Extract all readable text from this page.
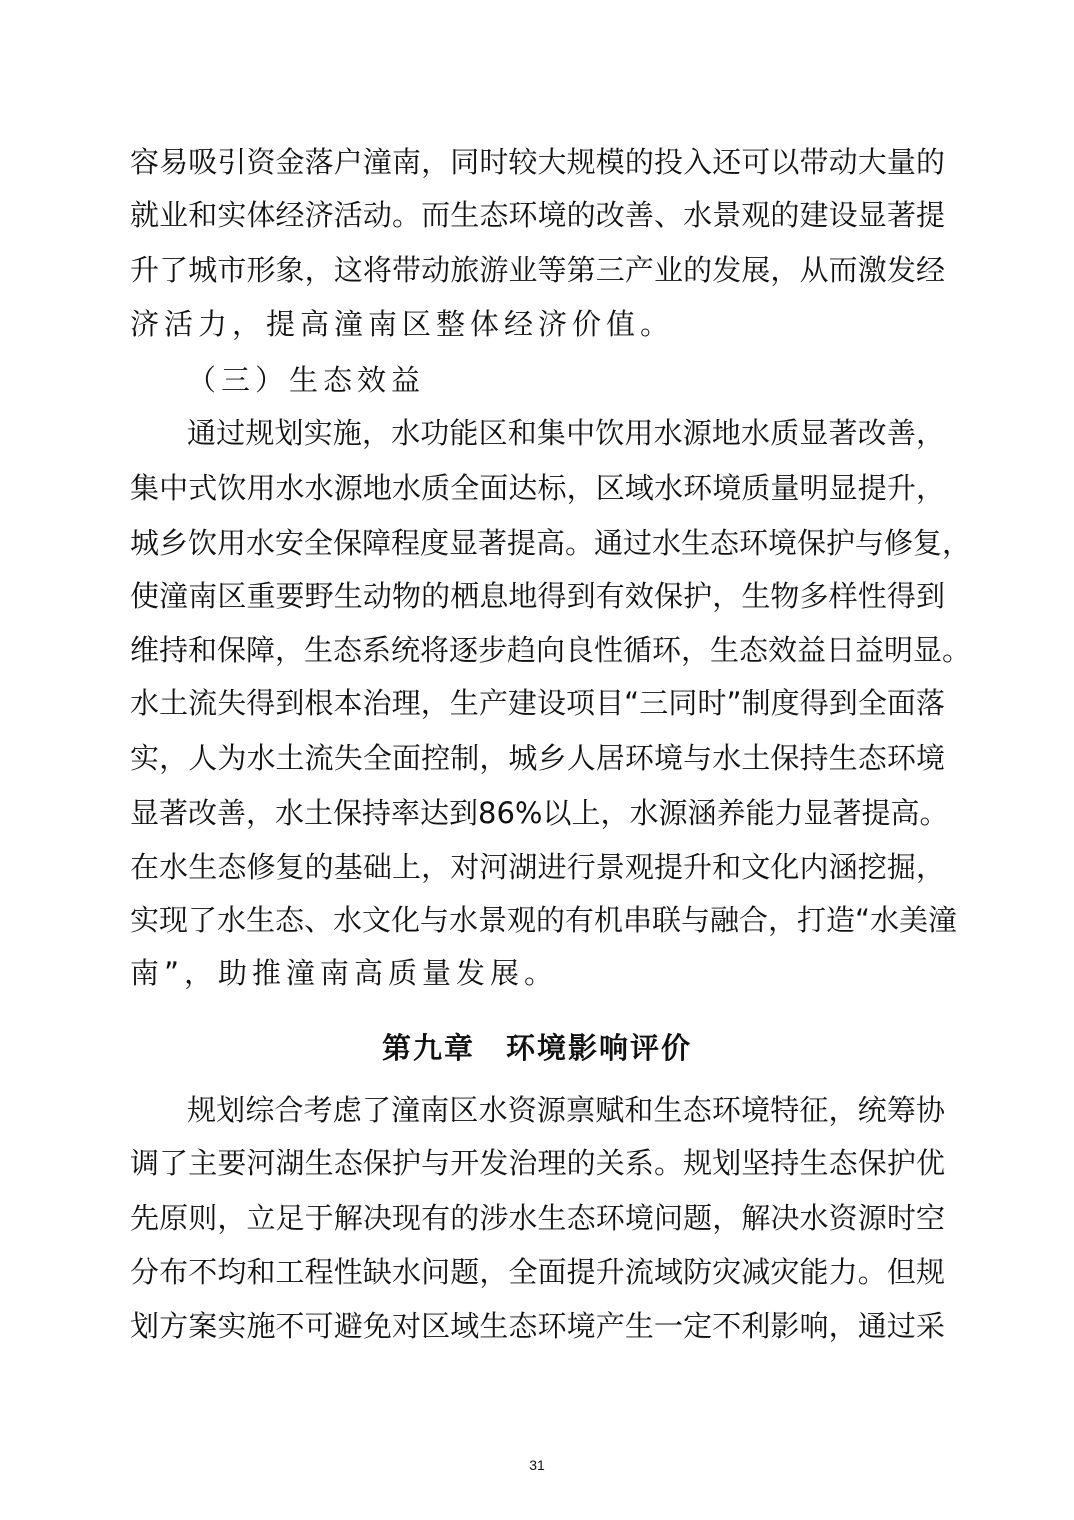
容易吸引资金落户潼南，同时较大规模的投入还可以带动大量的
就业和实体经济活动。而生态环境的改善、水景观的建设显著提
升了城市形象，这将带动旅游业等第三产业的发展，从而激发经
济活力，提高潼南区整体经济价值。
（三）生态效益
通过规划实施，水功能区和集中饮用水源地水质显著改善，
集中式饮用水水源地水质全面达标，区域水环境质量明显提升，
城乡饮用水安全保障程度显著提高。通过水生态环境保护与修复，
使潼南区重要野生动物的栖息地得到有效保护，生物多样性得到
维持和保障，生态系统将逐步趋向良性循环，生态效益日益明显。
水土流失得到根本治理，生产建设项目“三同时”制度得到全面落
实，人为水土流失全面控制，城乡人居环境与水土保持生态环境
显著改善，水土保持率达到86%以上，水源涵养能力显著提高。
在水生态修复的基础上，对河湖进行景观提升和文化内涵挖掘，
实现了水生态、水文化与水景观的有机串联与融合，打造“水美潼
南”，助推潼南高质量发展。
第九章　环境影响评价
规划综合考虑了潼南区水资源禀赋和生态环境特征，统筹协
调了主要河湖生态保护与开发治理的关系。规划坚持生态保护优
先原则，立足于解决现有的涉水生态环境问题，解决水资源时空
分布不均和工程性缺水问题，全面提升流域防灾减灾能力。但规
划方案实施不可避免对区域生态环境产生一定不利影响，通过采
31
